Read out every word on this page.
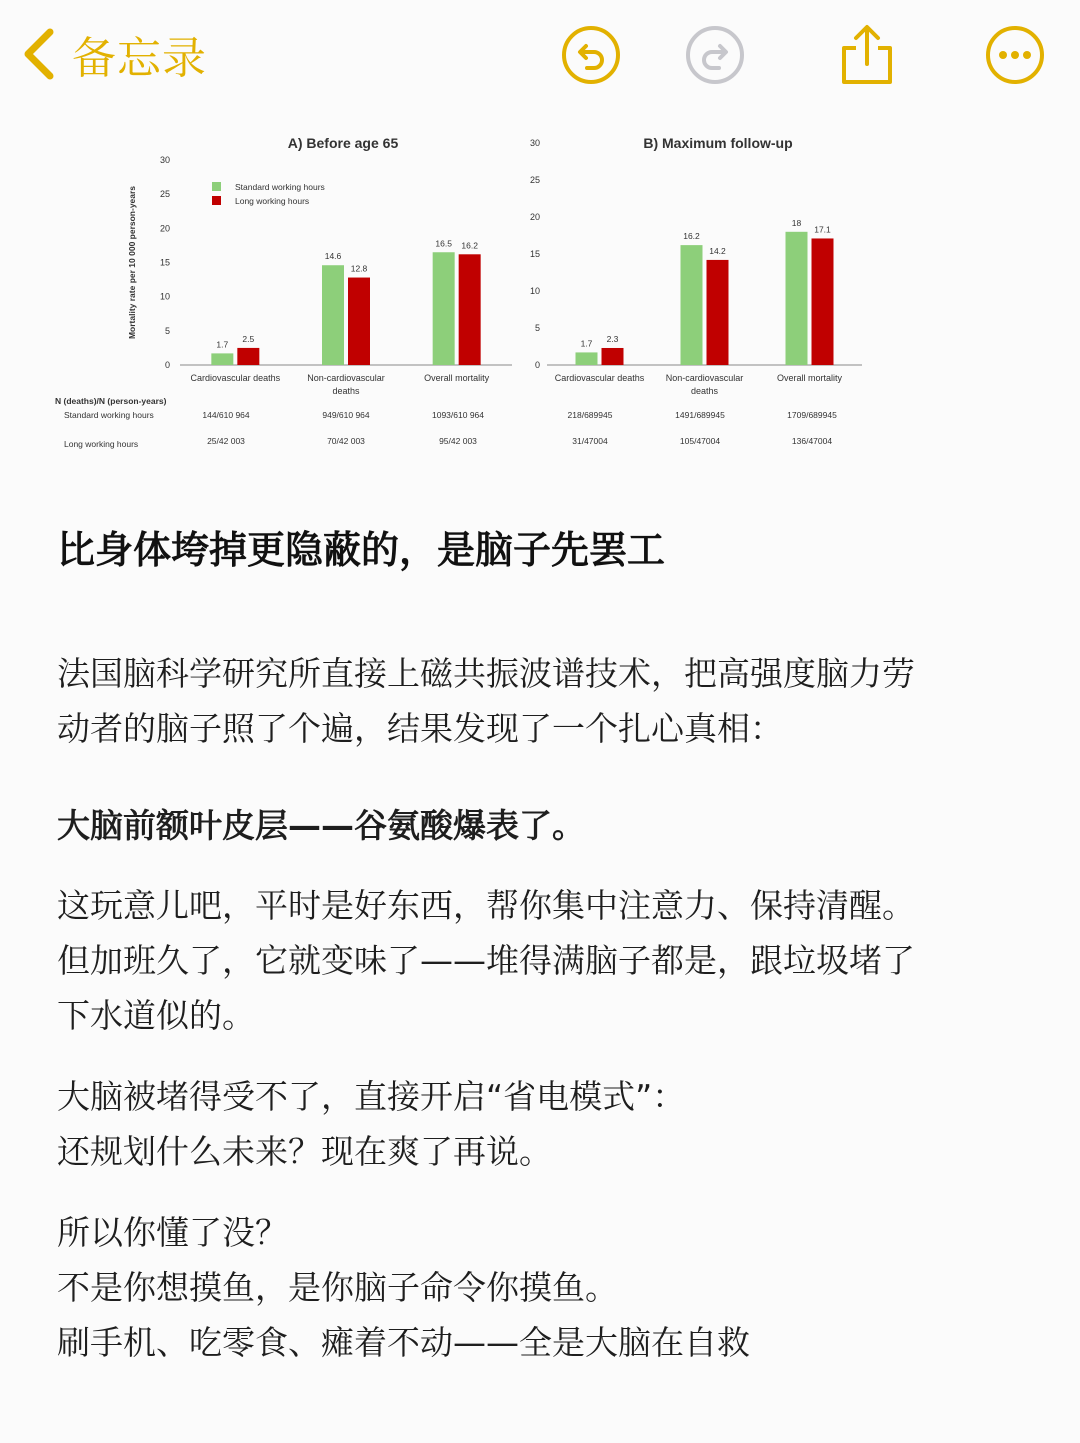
备忘录
A) Before age 65
0
5
10
15
20
25
30
Mortality rate per 10 000 person-years
1.7
2.5
Cardiovascular deaths
14.6
12.8
Non-cardiovascular
deaths
16.5 16.2
Overall mortality
Standard working hours
Long working hours
B) Maximum follow-up
0
5
10
15
20
25
30
1.7 2.3
Cardiovascular deaths
16.2
14.2
Non-cardiovascular
deaths
18
17.1
Overall mortality
N (deaths)/N (person-years)
Standard working hours
Long working hours
144/610 964	949/610 964	1093/610 964
25/42 003	70/42 003	95/42 003
218/689945	1491/689945	1709/689945
31/47004	105/47004	136/47004

比身体垮掉更隐蔽的，是脑子先罢工

法国脑科学研究所直接上磁共振波谱技术，把高强度脑力劳
动者的脑子照了个遍，结果发现了一个扎心真相：

大脑前额叶皮层——谷氨酸爆表了。

这玩意儿吧，平时是好东西，帮你集中注意力、保持清醒。
但加班久了，它就变味了——堆得满脑子都是，跟垃圾堵了
下水道似的。

大脑被堵得受不了，直接开启“省电模式”：
还规划什么未来？现在爽了再说。

所以你懂了没？
不是你想摸鱼，是你脑子命令你摸鱼。
刷手机、吃零食、瘫着不动——全是大脑在自救
